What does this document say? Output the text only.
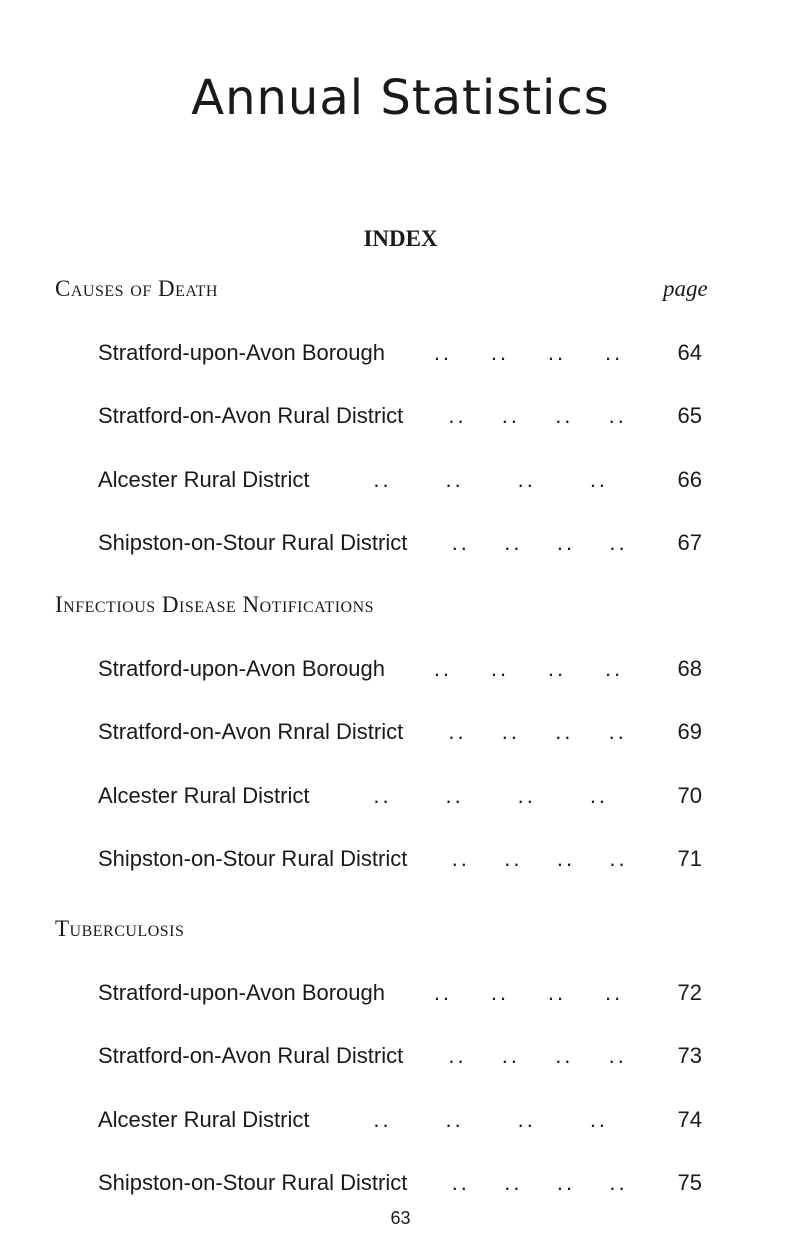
Annual Statistics
INDEX
page
Causes of Death
Stratford-upon-Avon Borough .. .. .. .. 64
Stratford-on-Avon Rural District .. .. .. .. 65
Alcester Rural District	.. .. .. ..	66
Shipston-on-Stour Rural District .. .. .. .. 67
Infectious Disease Notifications
Stratford-upon-Avon Borough .. .. .. .. 68
Stratford-on-Avon Rnral District .. .. .. .. 69
Alcester Rural District	.. .. .. ..	70
Shipston-on-Stour Rural District .. .. .. .. 71
Tuberculosis
Stratford-upon-Avon Borough .. .. .. .. 72
Stratford-on-Avon Rural District .. .. .. .. 73
Alcester Rural District	.. .. .. ..	74
Shipston-on-Stour Rural District .. .. .. .. 75
63
